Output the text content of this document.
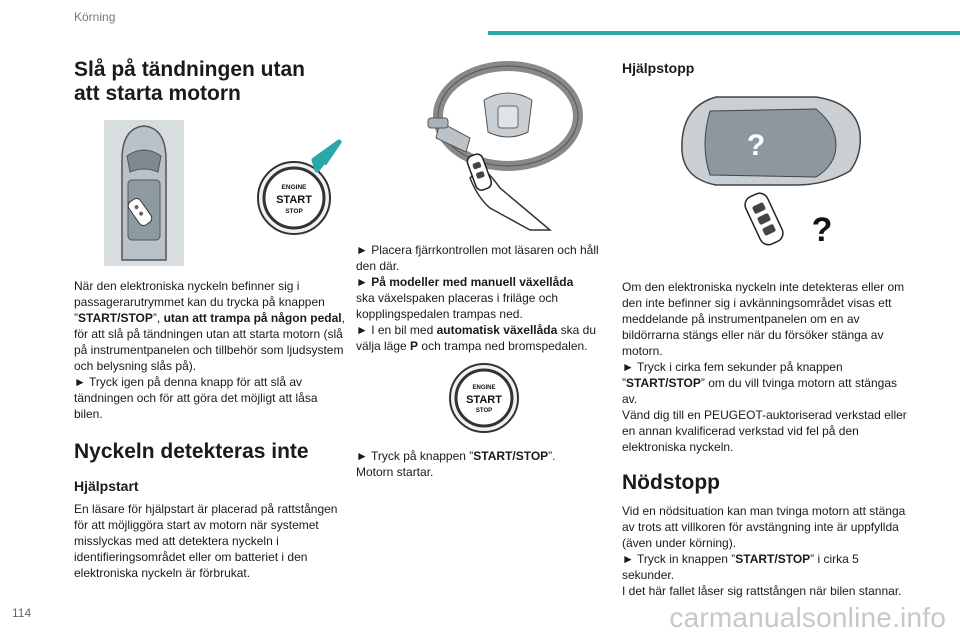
Körning
Slå på tändningen utan att starta motorn
ENGINE
START
STOP

När den elektroniska nyckeln befinner sig i passagerarutrymmet kan du trycka på knappen ”START/STOP”, utan att trampa på någon pedal, för att slå på tändningen utan att starta motorn (slå på instrumentpanelen och tillbehör som ljudsystem och belysning slås på).

► Tryck igen på denna knapp för att slå av tändningen och för att göra det möjligt att låsa bilen.

Nyckeln detekteras inte
Hjälpstart

En läsare för hjälpstart är placerad på rattstången för att möjliggöra start av motorn när systemet misslyckas med att detektera nyckeln i identifieringsområdet eller om batteriet i den elektroniska nyckeln är förbrukat.

► Placera fjärrkontrollen mot läsaren och håll den där.

► På modeller med manuell växellåda

ska växelspaken placeras i friläge och kopplingspedalen trampas ned.

► I en bil med automatisk växellåda ska du välja läge P och trampa ned bromspedalen.

ENGINE
START
STOP

► Tryck på knappen ”START/STOP”.

Motorn startar.

Hjälpstopp
?
?

Om den elektroniska nyckeln inte detekteras eller om den inte befinner sig i avkänningsområdet visas ett meddelande på instrumentpanelen om en av bildörrarna stängs eller när du försöker stänga av motorn.

► Tryck i cirka fem sekunder på knappen ”START/STOP” om du vill tvinga motorn att stängas av.

Vänd dig till en PEUGEOT-auktoriserad verkstad eller en annan kvalificerad verkstad vid fel på den elektroniska nyckeln.

Nödstopp

Vid en nödsituation kan man tvinga motorn att stänga av trots att villkoren för avstängning inte är uppfyllda (även under körning).

► Tryck in knappen ”START/STOP” i cirka 5 sekunder.

I det här fallet låser sig rattstången när bilen stannar.

114	carmanualsonline.info
